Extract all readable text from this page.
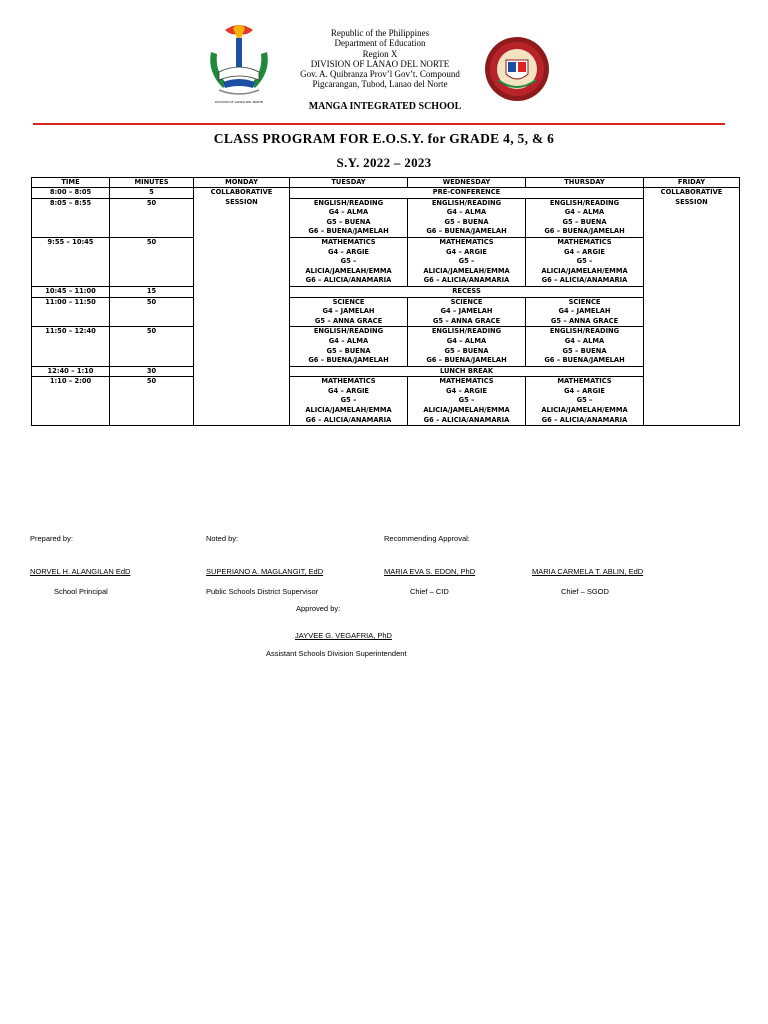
DIVISION OF LANAO DEL NORTE
Republic of the Philippines
Department of Education
Region X
DIVISION OF LANAO DEL NORTE
Gov. A. Quibranza Prov’l Gov’t. Compound
Pigcarangan, Tubod, Lanao del Norte
MANGA INTEGRATED SCHOOL
CLASS PROGRAM FOR E.O.S.Y. for GRADE 4, 5, & 6
S.Y. 2022 – 2023
TIME	MINUTES	MONDAY	TUESDAY	WEDNESDAY	THURSDAY	FRIDAY
8:00 – 8:05	5	COLLABORATIVE SESSION	PRE-CONFERENCE			COLLABORATIVE SESSION
8:05 – 8:55	50		ENGLISH/READING
G4 – ALMA
G5 – BUENA
G6 – BUENA/JAMELAH	ENGLISH/READING
G4 – ALMA
G5 – BUENA
G6 – BUENA/JAMELAH	ENGLISH/READING
G4 – ALMA
G5 – BUENA
G6 – BUENA/JAMELAH	

9:55 – 10:45	50		MATHEMATICS
G4 – ARGIE
G5 –
ALICIA/JAMELAH/EMMA
G6 – ALICIA/ANAMARIA	MATHEMATICS
G4 – ARGIE
G5 –
ALICIA/JAMELAH/EMMA
G6 – ALICIA/ANAMARIA	MATHEMATICS
G4 – ARGIE
G5 –
ALICIA/JAMELAH/EMMA
G6 – ALICIA/ANAMARIA	

10:45 – 11:00	15		RECESS			
11:00 – 11:50	50		SCIENCE
G4 – JAMELAH
G5 – ANNA GRACE	SCIENCE
G4 – JAMELAH
G5 – ANNA GRACE	SCIENCE
G4 – JAMELAH
G5 – ANNA GRACE	

11:50 – 12:40	50		ENGLISH/READING
G4 – ALMA
G5 – BUENA
G6 – BUENA/JAMELAH	ENGLISH/READING
G4 – ALMA
G5 – BUENA
G6 – BUENA/JAMELAH	ENGLISH/READING
G4 – ALMA
G5 – BUENA
G6 – BUENA/JAMELAH	

12:40 – 1:10	30		LUNCH BREAK			
1:10 – 2:00	50		MATHEMATICS
G4 – ARGIE
G5 –
ALICIA/JAMELAH/EMMA
G6 – ALICIA/ANAMARIA	MATHEMATICS
G4 – ARGIE
G5 –
ALICIA/JAMELAH/EMMA
G6 – ALICIA/ANAMARIA	MATHEMATICS
G4 – ARGIE
G5 –
ALICIA/JAMELAH/EMMA
G6 – ALICIA/ANAMARIA	
Prepared by:	Noted by:	Recommending Approval:
NORVEL H. ALANGILAN EdD	SUPERIANO A. MAGLANGIT, EdD	MARIA EVA S. EDON, PhD	MARIA CARMELA T. ABLIN, EdD
School Principal	Public Schools District Supervisor	Chief – CID	Chief – SGOD
Approved by:
JAYVEE G. VEGAFRIA, PhD
Assistant Schools Division Superintendent
